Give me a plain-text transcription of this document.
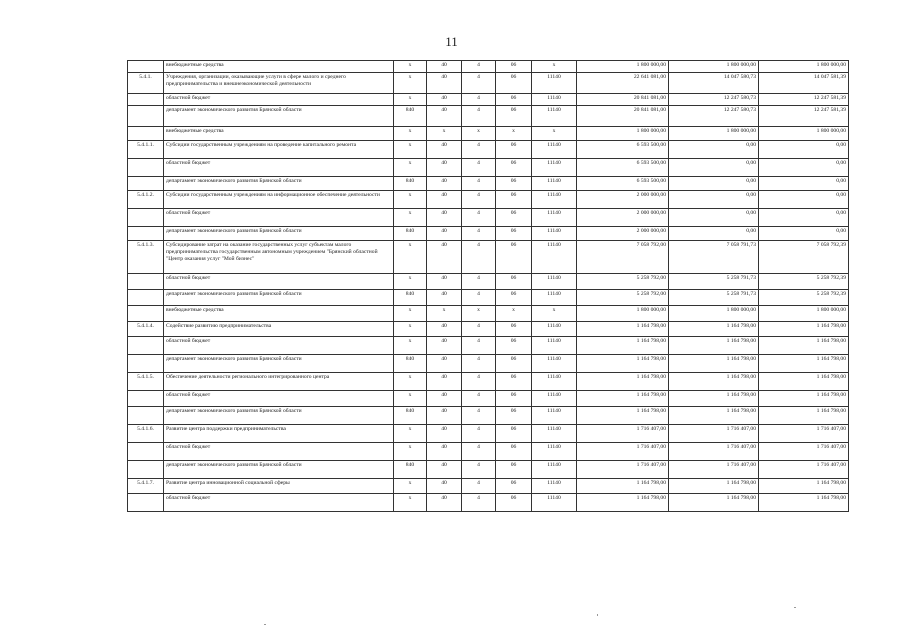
11
	внебюджетные средства	x	40	4	06	x	1 800 000,00	1 800 000,00	1 800 000,00
5.4.1.	Учреждения, организации, оказывающие услуги в сфере малого и среднего предпринимательства и внешнеэкономической деятельности	x	40	4	06	11140	22 641 081,00	14 047 580,73	14 047 581,39
	областной бюджет	x	40	4	06	11140	20 841 081,00	12 247 580,73	12 247 581,39
	департамент экономического развития Брянской области	840	40	4	06	11140	20 841 081,00	12 247 580,73	12 247 581,39
	внебюджетные средства	x	x	x	x	x	1 800 000,00	1 800 000,00	1 800 000,00
5.4.1.1.	Субсидии государственным учреждениям на проведение капитального ремонта	x	40	4	06	11140	6 593 500,00	0,00	0,00
	областной бюджет	x	40	4	06	11140	6 593 500,00	0,00	0,00
	департамент экономического развития Брянской области	840	40	4	06	11140	6 593 500,00	0,00	0,00
5.4.1.2.	Субсидии государственным учреждениям на информационное обеспечение деятельности	x	40	4	06	11140	2 000 000,00	0,00	0,00
	областной бюджет	x	40	4	06	11140	2 000 000,00	0,00	0,00
	департамент экономического развития Брянской области	840	40	4	06	11140	2 000 000,00	0,00	0,00
5.4.1.3.	Субсидирование затрат на оказание государственных услуг субъектам малого предпринимательства государственным автономным учреждением "Брянский областной "Центр оказания услуг "Мой бизнес"	x	40	4	06	11140	7 058 792,00	7 058 791,73	7 058 792,39
	областной бюджет	x	40	4	06	11140	5 258 792,00	5 258 791,73	5 258 792,39
	департамент экономического развития Брянской области	840	40	4	06	11140	5 258 792,00	5 258 791,73	5 258 792,39
	внебюджетные средства	x	x	x	x	x	1 800 000,00	1 800 000,00	1 800 000,00
5.4.1.4.	Содействие развитию предпринимательства	x	40	4	06	11140	1 164 798,00	1 164 798,00	1 164 798,00
	областной бюджет	x	40	4	06	11140	1 164 798,00	1 164 798,00	1 164 798,00
	департамент экономического развития Брянской области	840	40	4	06	11140	1 164 798,00	1 164 798,00	1 164 798,00
5.4.1.5.	Обеспечение деятельности регионального интегрированного центра	x	40	4	06	11140	1 164 798,00	1 164 798,00	1 164 798,00
	областной бюджет	x	40	4	06	11140	1 164 798,00	1 164 798,00	1 164 798,00
	департамент экономического развития Брянской области	840	40	4	06	11140	1 164 798,00	1 164 798,00	1 164 798,00
5.4.1.6.	Развитие центра поддержки предпринимательства	x	40	4	06	11140	1 716 407,00	1 716 407,00	1 716 407,00
	областной бюджет	x	40	4	06	11140	1 716 407,00	1 716 407,00	1 716 407,00
	департамент экономического развития Брянской области	840	40	4	06	11140	1 716 407,00	1 716 407,00	1 716 407,00
5.4.1.7.	Развитие центра инновационной социальной сферы	x	40	4	06	11140	1 164 798,00	1 164 798,00	1 164 798,00
	областной бюджет	x	40	4	06	11140	1 164 798,00	1 164 798,00	1 164 798,00
